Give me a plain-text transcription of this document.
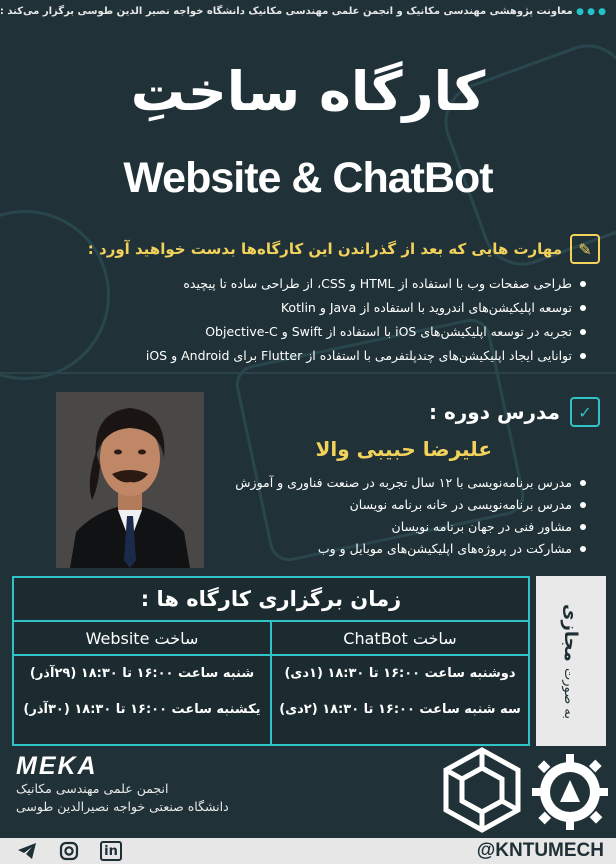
● ● ● معاونت پژوهشی مهندسی مکانیک و انجمن علمی مهندسی مکانیک دانشگاه خواجه نصیر الدین طوسی برگزار می‌کند :
کارگاه ساختِ
Website & ChatBot
✎
مهارت هایی که بعد از گذراندن این کارگاه‌ها بدست خواهید آورد :
طراحی صفحات وب با استفاده از HTML و CSS، از طراحی ساده تا پیچیده
توسعه اپلیکیشن‌های اندروید با استفاده از Java و Kotlin
تجربه در توسعه اپلیکیشن‌های iOS با استفاده از Swift و Objective-C
توانایی ایجاد اپلیکیشن‌های چندپلتفرمی با استفاده از Flutter برای Android و iOS
✓
مدرس دوره :
علیرضا حبیبی والا
مدرس برنامه‌نویسی با ۱۲ سال تجربه در صنعت فناوری و آموزش
مدرس برنامه‌نویسی در خانه برنامه نویسان
مشاور فنی در جهان برنامه نویسان
مشارکت در پروژه‌های اپلیکیشن‌های موبایل و وب
زمان برگزاری کارگاه ها :
ساخت ChatBot
دوشنبه ساعت ۱۶:۰۰ تا ۱۸:۳۰ (۱دی)
سه شنبه ساعت ۱۶:۰۰ تا ۱۸:۳۰ (۲دی)
ساخت Website
شنبه ساعت ۱۶:۰۰ تا ۱۸:۳۰ (۲۹آذر)
یکشنبه ساعت ۱۶:۰۰ تا ۱۸:۳۰ (۳۰آذر)	به صورت مجازی
MEKA
انجمن علمی مهندسی مکانیک
دانشگاه صنعتی خواجه نصیرالدین طوسی
in	@KNTUMECH
